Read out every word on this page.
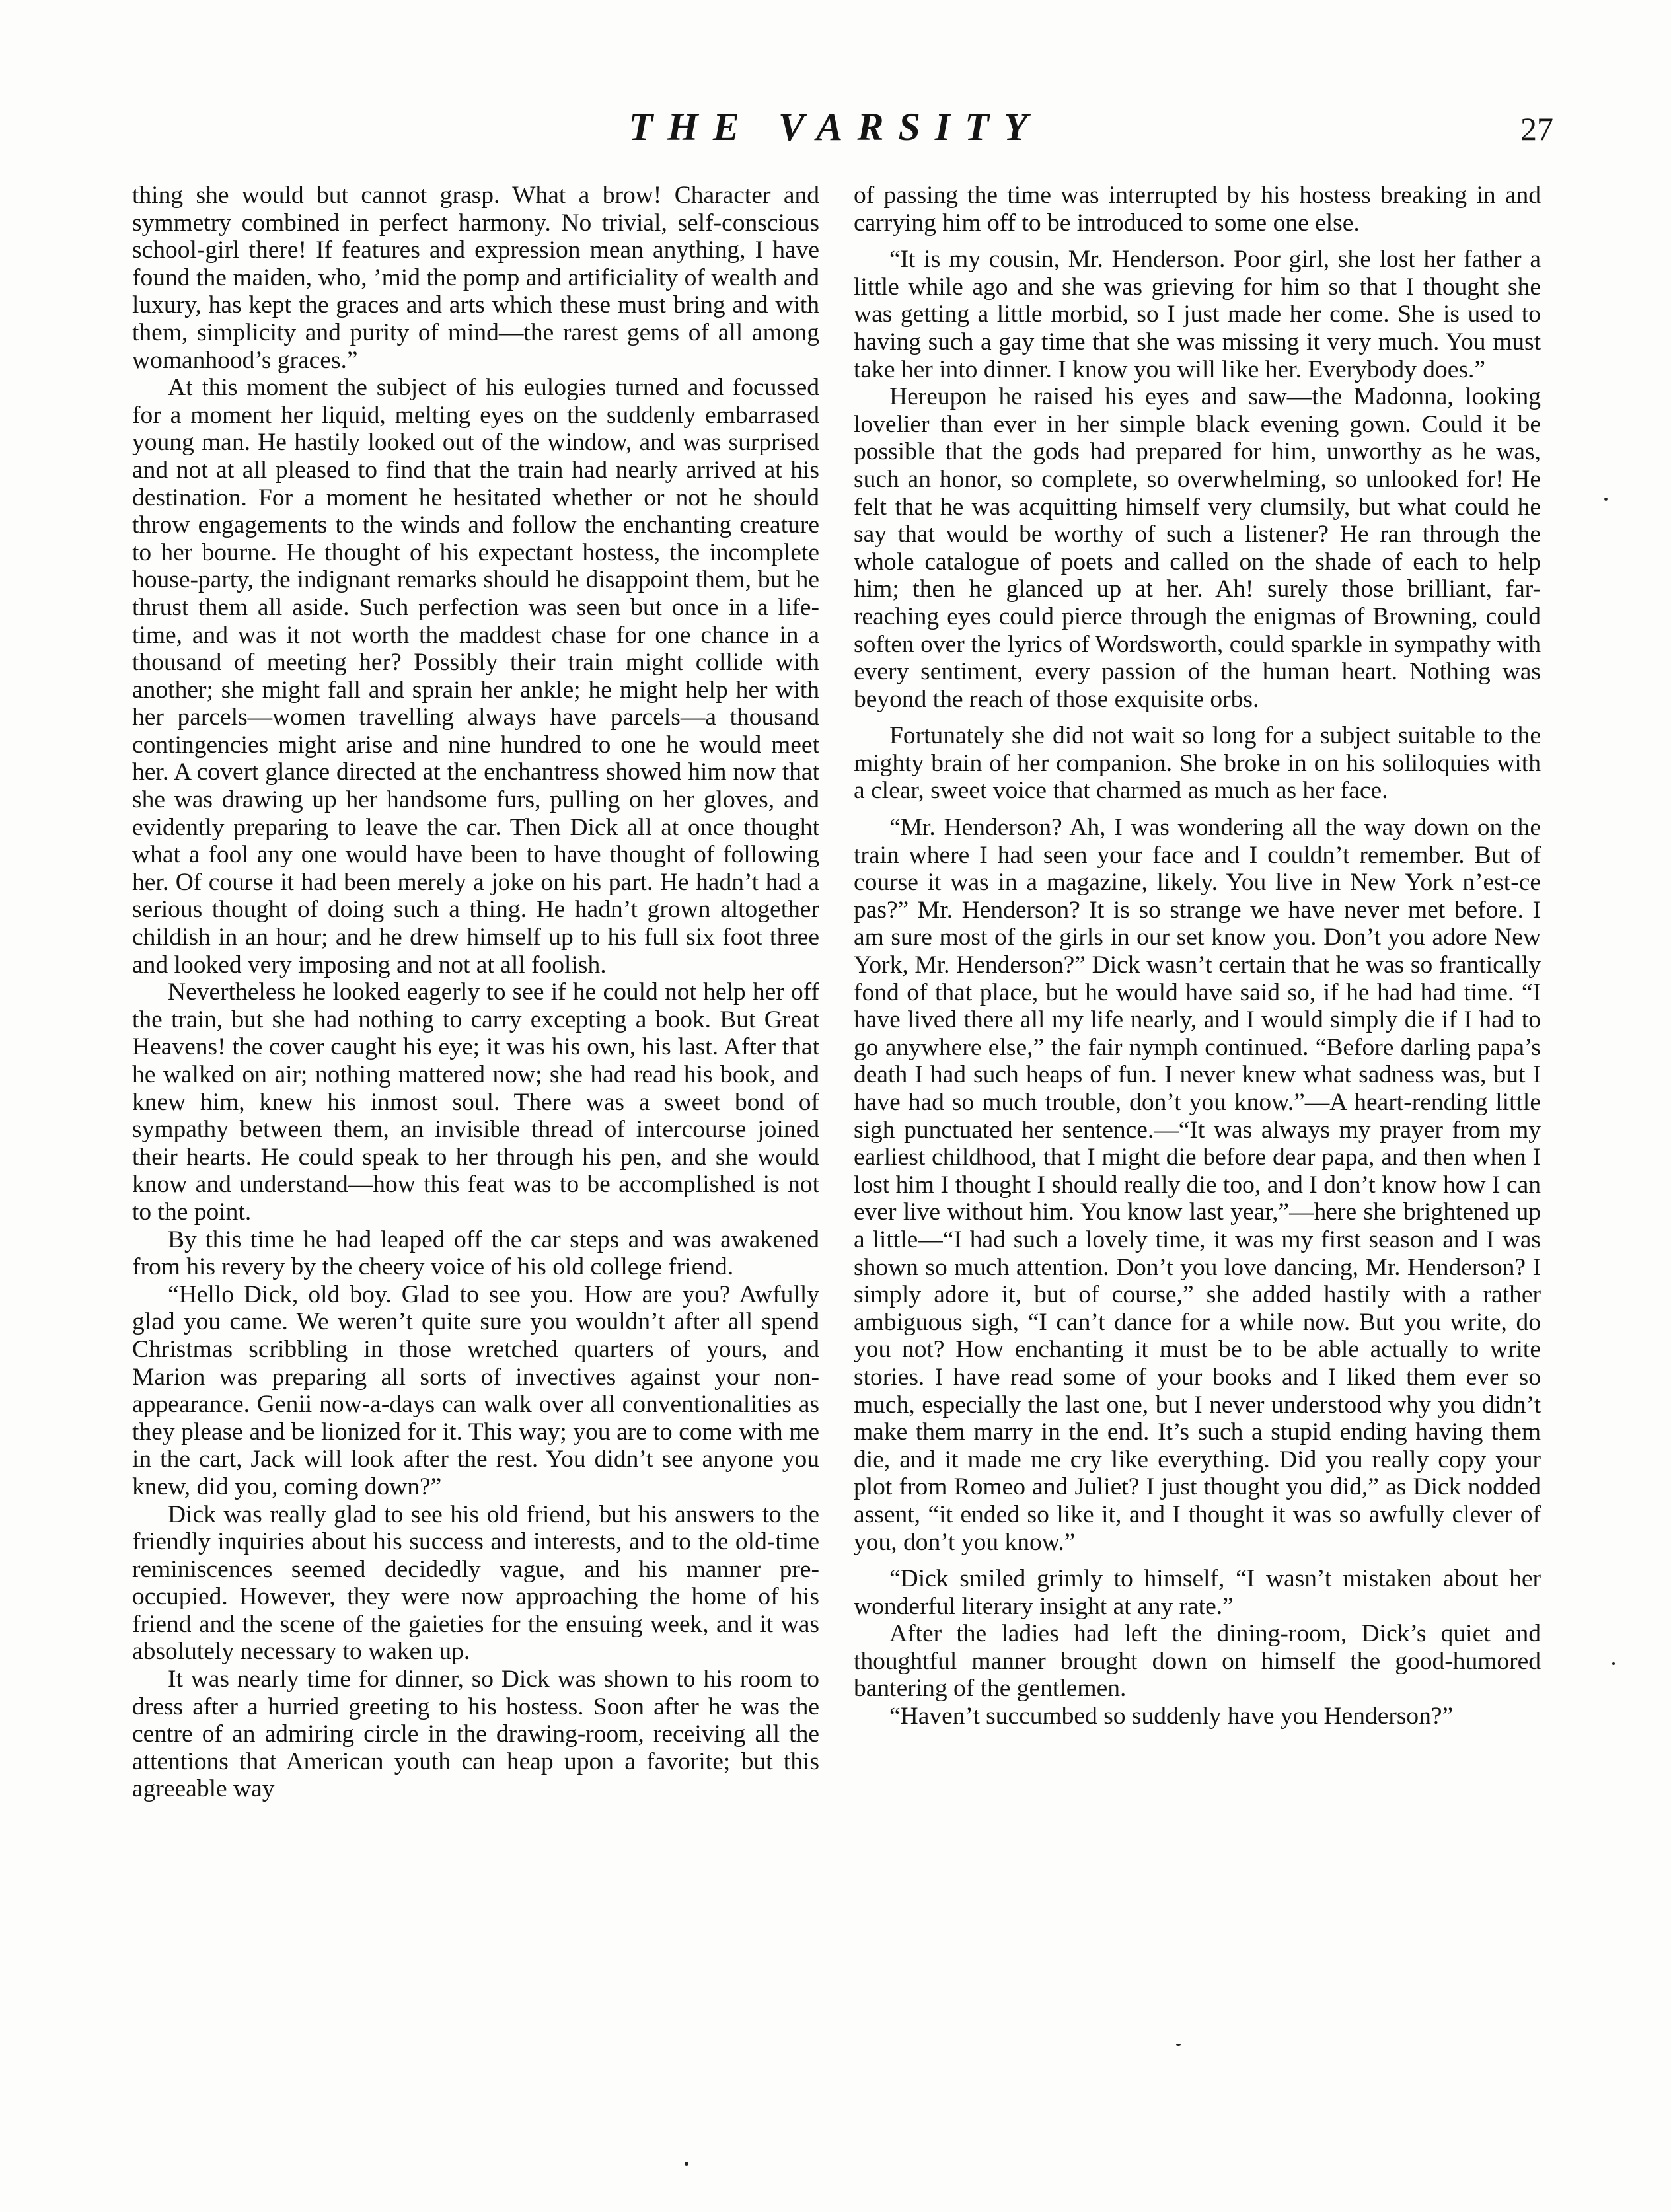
THE VARSITY	27

thing she would but cannot grasp. What a brow! Character and symmetry combined in perfect harmony. No trivial, self-conscious school-girl there! If features and expression mean anything, I have found the maiden, who, ’mid the pomp and artificiality of wealth and luxury, has kept the graces and arts which these must bring and with them, simplicity and purity of mind—the rarest gems of all among womanhood’s graces.”

At this moment the subject of his eulogies turned and focussed for a moment her liquid, melting eyes on the suddenly embarrased young man. He hastily looked out of the window, and was surprised and not at all pleased to find that the train had nearly arrived at his destination. For a moment he hesitated whether or not he should throw engagements to the winds and follow the enchanting creature to her bourne. He thought of his expectant hostess, the incomplete house-party, the indignant remarks should he disappoint them, but he thrust them all aside. Such perfection was seen but once in a life-time, and was it not worth the maddest chase for one chance in a thousand of meeting her? Possibly their train might collide with another; she might fall and sprain her ankle; he might help her with her parcels—women travelling always have parcels—a thousand contingencies might arise and nine hundred to one he would meet her. A covert glance directed at the enchantress showed him now that she was drawing up her handsome furs, pulling on her gloves, and evidently preparing to leave the car. Then Dick all at once thought what a fool any one would have been to have thought of following her. Of course it had been merely a joke on his part. He hadn’t had a serious thought of doing such a thing. He hadn’t grown altogether childish in an hour; and he drew himself up to his full six foot three and looked very imposing and not at all foolish.

Nevertheless he looked eagerly to see if he could not help her off the train, but she had nothing to carry excepting a book. But Great Heavens! the cover caught his eye; it was his own, his last. After that he walked on air; nothing mattered now; she had read his book, and knew him, knew his inmost soul. There was a sweet bond of sympathy between them, an invisible thread of intercourse joined their hearts. He could speak to her through his pen, and she would know and understand—how this feat was to be accomplished is not to the point.

By this time he had leaped off the car steps and was awakened from his revery by the cheery voice of his old college friend.

“Hello Dick, old boy. Glad to see you. How are you? Awfully glad you came. We weren’t quite sure you wouldn’t after all spend Christmas scribbling in those wretched quarters of yours, and Marion was preparing all sorts of invectives against your non-appearance. Genii now-a-days can walk over all conventionalities as they please and be lionized for it. This way; you are to come with me in the cart, Jack will look after the rest. You didn’t see anyone you knew, did you, coming down?”

Dick was really glad to see his old friend, but his answers to the friendly inquiries about his success and interests, and to the old-time reminiscences seemed decidedly vague, and his manner pre-occupied. However, they were now approaching the home of his friend and the scene of the gaieties for the ensuing week, and it was absolutely necessary to waken up.

It was nearly time for dinner, so Dick was shown to his room to dress after a hurried greeting to his hostess. Soon after he was the centre of an admiring circle in the drawing-room, receiving all the attentions that American youth can heap upon a favorite; but this agreeable way

of passing the time was interrupted by his hostess breaking in and carrying him off to be introduced to some one else.

“It is my cousin, Mr. Henderson. Poor girl, she lost her father a little while ago and she was grieving for him so that I thought she was getting a little morbid, so I just made her come. She is used to having such a gay time that she was missing it very much. You must take her into dinner. I know you will like her. Everybody does.”

Hereupon he raised his eyes and saw—the Madonna, looking lovelier than ever in her simple black evening gown. Could it be possible that the gods had prepared for him, unworthy as he was, such an honor, so complete, so overwhelming, so unlooked for! He felt that he was acquitting himself very clumsily, but what could he say that would be worthy of such a listener? He ran through the whole catalogue of poets and called on the shade of each to help him; then he glanced up at her. Ah! surely those brilliant, far-reaching eyes could pierce through the enigmas of Browning, could soften over the lyrics of Wordsworth, could sparkle in sympathy with every sentiment, every passion of the human heart. Nothing was beyond the reach of those exquisite orbs.

Fortunately she did not wait so long for a subject suitable to the mighty brain of her companion. She broke in on his soliloquies with a clear, sweet voice that charmed as much as her face.

“Mr. Henderson? Ah, I was wondering all the way down on the train where I had seen your face and I couldn’t remember. But of course it was in a magazine, likely. You live in New York n’est-ce pas?” Mr. Henderson? It is so strange we have never met before. I am sure most of the girls in our set know you. Don’t you adore New York, Mr. Henderson?” Dick wasn’t certain that he was so frantically fond of that place, but he would have said so, if he had had time. “I have lived there all my life nearly, and I would simply die if I had to go anywhere else,” the fair nymph continued. “Before darling papa’s death I had such heaps of fun. I never knew what sadness was, but I have had so much trouble, don’t you know.”—A heart-rending little sigh punctuated her sentence.—“It was always my prayer from my earliest childhood, that I might die before dear papa, and then when I lost him I thought I should really die too, and I don’t know how I can ever live without him. You know last year,”—here she brightened up a little—“I had such a lovely time, it was my first season and I was shown so much attention. Don’t you love dancing, Mr. Henderson? I simply adore it, but of course,” she added hastily with a rather ambiguous sigh, “I can’t dance for a while now. But you write, do you not? How enchanting it must be to be able actually to write stories. I have read some of your books and I liked them ever so much, especially the last one, but I never understood why you didn’t make them marry in the end. It’s such a stupid ending having them die, and it made me cry like everything. Did you really copy your plot from Romeo and Juliet? I just thought you did,” as Dick nodded assent, “it ended so like it, and I thought it was so awfully clever of you, don’t you know.”

“Dick smiled grimly to himself, “I wasn’t mistaken about her wonderful literary insight at any rate.”

After the ladies had left the dining-room, Dick’s quiet and thoughtful manner brought down on himself the good-humored bantering of the gentlemen.

“Haven’t succumbed so suddenly have you Henderson?”
